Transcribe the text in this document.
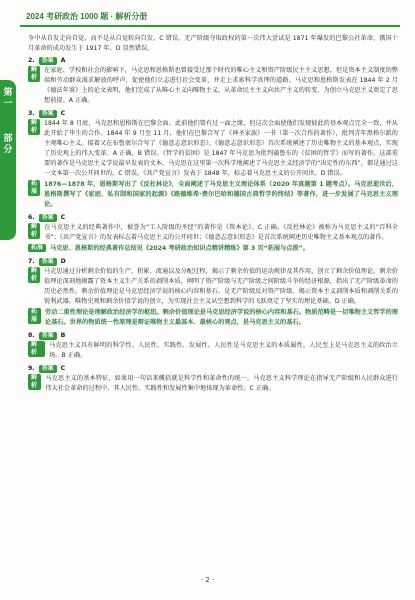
2024 考研政治 1000 题 · 解析分册
第一
部分

争中从自发走向自觉，而不是从自觉转向自发。C 错误。无产阶级夺取政权的第一次伟大尝试是 1871 年爆发的巴黎公社革命，俄国十月革命的成功发生于 1917 年。D 显然错误。

2.	答案	A
解析

在家庭、学校和社会的影响下，马克思和恩格斯也曾接受过那个时代的唯心主义和资产阶级民主主义思想。但是资本主义制度的弊端和劳动群众渴求解放的呼声，促使他们立志进行社会变革，并走上求索科学真理的道路。马克思和恩格斯发表在 1844 年 2 月《德法年鉴》上的论文表明，他们完成了从唯心主义向唯物主义、从革命民主主义向共产主义的转变，为创立马克思主义奠定了思想前提。A 正确。

3.	答案	C
解析

1844 年 8 月底，马克思和恩格斯在巴黎会面。此前他们曾有过一面之缘，但这次会面使他们发现彼此的基本观点完全一致，并从此开始了毕生的合作。1844 年 9 月至 11 月，他们在巴黎合写了《神圣家族》一书（第一次合作的著作），批判青年黑格尔派的主观唯心主义。接着又在布鲁塞尔合写了《德意志意识形态》。《德意志意识形态》首次系统阐述了历史唯物主义的基本观点，实现了历史观上的伟大变革。A 正确，B 错误。《哲学的贫困》是 1847 年马克思为批判蒲鲁东的《贫困的哲学》而写的著作。这部重要的著作是马克思主义学说最早发表的文本，马克思在这里第一次科学地阐述了马克思主义经济学的“决定性的东西”，都是通过这一文本第一次公开问世的。C 错误。《共产党宣言》发表于 1848 年，标志着马克思主义的公开问世。D 错误。

拓展

1876—1878 年，恩格斯写出了《反杜林论》，全面阐述了马克思主义理论体系（2020 年真题第 1 题考点）。马克思逝世后，恩格斯撰写了《家庭、私有制和国家的起源》《路德维希·费尔巴哈和德国古典哲学的终结》等著作，进一步发展了马克思主义理论。

6.	答案	C
解析

在马克思主义的经典著作中，被誉为“工人阶级的圣经”的著作是《资本论》。C 正确。《反杜林论》被称为马克思主义的“百科全书”；《共产党宣言》的发表标志着马克思主义的公开问世；《德意志意识形态》是首次系统阐述历史唯物主义基本观点的著作。

拓展	马克思、恩格斯的经典著作总结见《2024 考研政治知识点精讲精练》第 3 页“拓展与点拨”。

7.	答案	D
解析

马克思通过分析剩余价值的生产、积累、流通以及分配过程，揭示了剩余价值的运动规律及其作用，创立了剩余价值理论。剩余价值理论深刻地揭露了资本主义生产关系的剥削本质，阐明了资产阶级与无产阶级之间阶级斗争的经济根源，指出了无产阶级革命的历史必然性。剩余价值理论是马克思经济学说的核心内容和基石，是无产阶级反对资产阶级、揭示资本主义剥削本质和剥削关系的锐利武器。唯物史观和剩余价值学说的创立，为实现社会主义从空想到科学的飞跃奠定了坚实的理论基础。D 正确。

拓展

劳动二重性理论是理解政治经济学的枢纽。剩余价值理论是马克思经济学说的核心内容和基石。物质范畴是一切唯物主义哲学的理论基石。世界的物质统一性原理是辩证唯物主义最基本、最核心的观点，是马克思主义的基石。

8.	答案	B
解析

马克思主义具有鲜明的科学性、人民性、实践性、发展性。人民性是马克思主义的本质属性，人民至上是马克思主义的政治立场。B 正确。

9.	答案	C
解析

马克思主义的基本特征，如果用一句话来概括就是科学性和革命性的统一。马克思主义科学理论在指导无产阶级和人民群众进行伟大社会革命的过程中，其人民性、实践性和发展性集中地体现为革命性。C 正确。

· 2 ·
